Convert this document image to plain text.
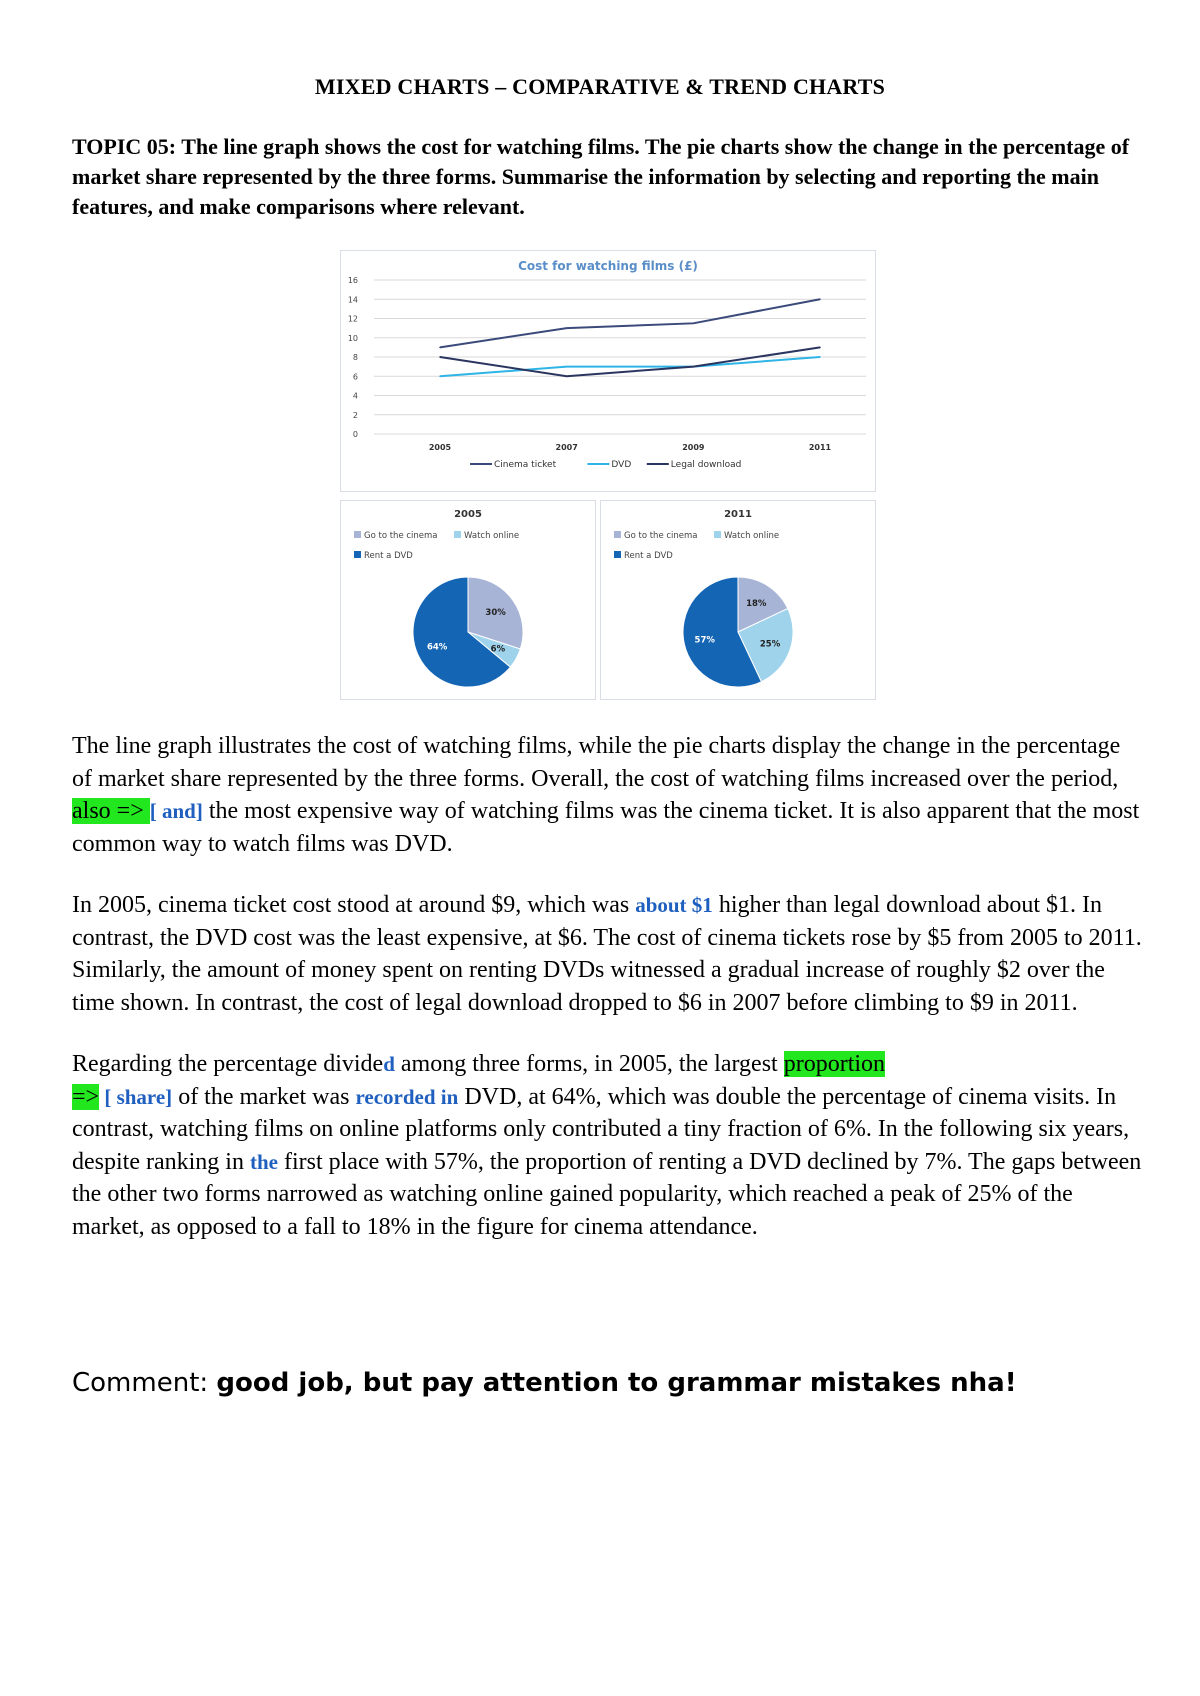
MIXED CHARTS – COMPARATIVE & TREND CHARTS
TOPIC 05: The line graph shows the cost for watching films. The pie charts show the change in the percentage of market share represented by the three forms. Summarise the information by selecting and reporting the main features, and make comparisons where relevant.
Cost for watching films (£)
0
2
4
6
8
10
12
14
16
2005	2007	2009	2011
Cinema ticket	DVD	Legal download
2005
Go to the cinema	Watch online
Rent a DVD
30%
6%
64%
2011
Go to the cinema	Watch online
Rent a DVD
18%
25%
57%

The line graph illustrates the cost of watching films, while the pie charts display the change in the percentage of market share represented by the three forms. Overall, the cost of watching films increased over the period, also => [ and] the most expensive way of watching films was the cinema ticket. It is also apparent that the most common way to watch films was DVD.

In 2005, cinema ticket cost stood at around $9, which was about $1 higher than legal download about $1. In contrast, the DVD cost was the least expensive, at $6. The cost of cinema tickets rose by $5 from 2005 to 2011. Similarly, the amount of money spent on renting DVDs witnessed a gradual increase of roughly $2 over the time shown. In contrast, the cost of legal download dropped to $6 in 2007 before climbing to $9 in 2011.

Regarding the percentage divided among three forms, in 2005, the largest proportion
=> [ share] of the market was recorded in DVD, at 64%, which was double the percentage of cinema visits. In contrast, watching films on online platforms only contributed a tiny fraction of 6%. In the following six years, despite ranking in the first place with 57%, the proportion of renting a DVD declined by 7%. The gaps between the other two forms narrowed as watching online gained popularity, which reached a peak of 25% of the market, as opposed to a fall to 18% in the figure for cinema attendance.

Comment: good job, but pay attention to grammar mistakes nha!
